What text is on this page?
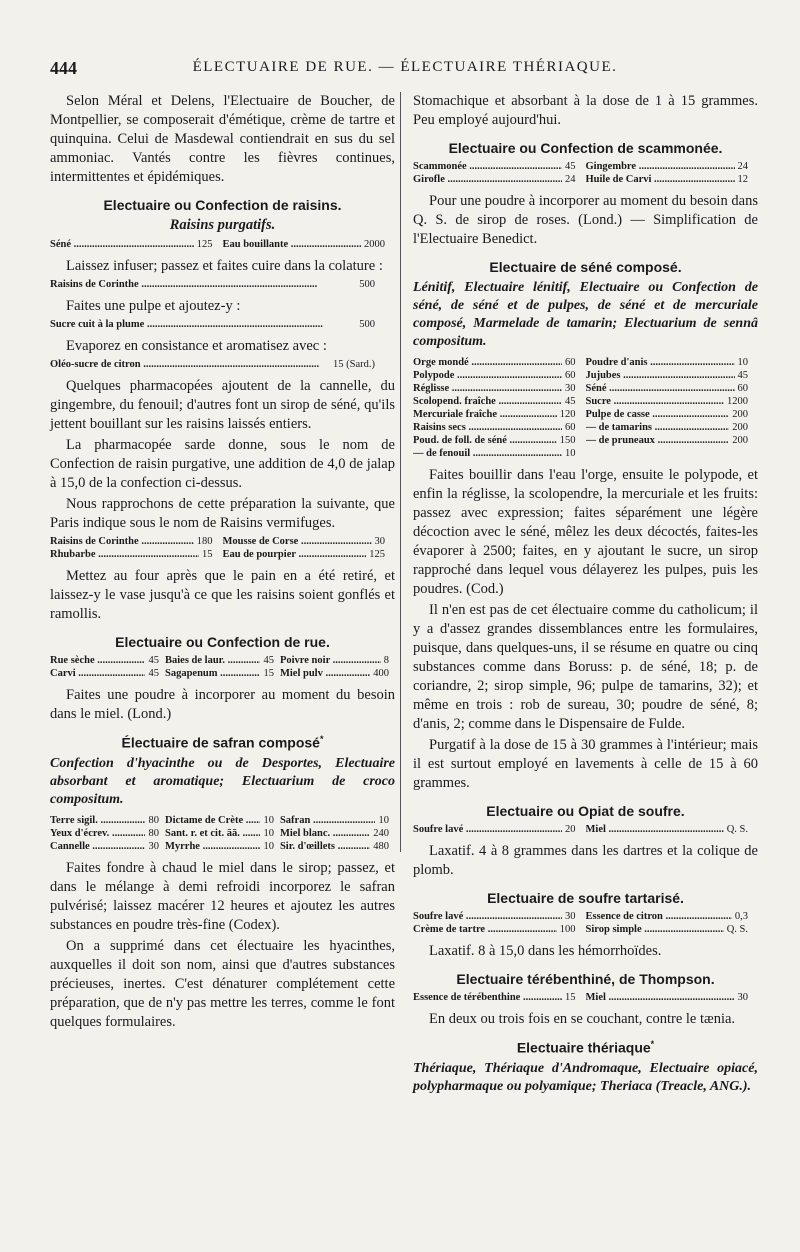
444	ÉLECTUAIRE DE RUE. — ÉLECTUAIRE THÉRIAQUE.

Selon Méral et Delens, l'Electuaire de Boucher, de Montpellier, se composerait d'émétique, crème de tartre et quinquina. Celui de Masdewal contiendrait en sus du sel ammoniac. Vantés contre les fièvres continues, intermittentes et épidémiques.

Electuaire ou Confection de raisins.
Raisins purgatifs.
Séné .....	125 Eau bouillante .....	2000

Laissez infuser; passez et faites cuire dans la colature :

Raisins de Corinthe .....	500

Faites une pulpe et ajoutez-y :

Sucre cuit à la plume .....	500

Evaporez en consistance et aromatisez avec :

Oléo-sucre de citron .....	15 (Sard.)

Quelques pharmacopées ajoutent de la cannelle, du gingembre, du fenouil; d'autres font un sirop de séné, qu'ils jettent bouillant sur les raisins laissés entiers.

La pharmacopée sarde donne, sous le nom de Confection de raisin purgative, une addition de 4,0 de jalap à 15,0 de la confection ci-dessus.

Nous rapprochons de cette préparation la suivante, que Paris indique sous le nom de Raisins vermifuges.

Raisins de Corinthe .....	180 Mousse de Corse .....	30
Rhubarbe .....	15 Eau de pourpier .....	125

Mettez au four après que le pain en a été retiré, et laissez-y le vase jusqu'à ce que les raisins soient gonflés et ramollis.

Electuaire ou Confection de rue.
Rue sèche .....	45 Baies de laur. .....	45 Poivre noir .....	8
Carvi .....	45 Sagapenum .....	15 Miel pulv .....	400

Faites une poudre à incorporer au moment du besoin dans le miel. (Lond.)

Électuaire de safran composé*
Confection d'hyacinthe ou de Desportes, Electuaire absorbant et aromatique; Electuarium de croco compositum.
Terre sigil. .....	80 Dictame de Crète .....	10 Safran .....	10
Yeux d'écrev. .....	80 Sant. r. et cit. āā. .....	10 Miel blanc. .....	240
Cannelle .....	30 Myrrhe .....	10 Sir. d'œillets .....	480

Faites fondre à chaud le miel dans le sirop; passez, et dans le mélange à demi refroidi incorporez le safran pulvérisé; laissez macérer 12 heures et ajoutez les autres substances en poudre très-fine (Codex).

On a supprimé dans cet électuaire les hyacinthes, auxquelles il doit son nom, ainsi que d'autres substances précieuses, inertes. C'est dénaturer complétement cette préparation, que de n'y pas mettre les terres, comme le font quelques formulaires.

Stomachique et absorbant à la dose de 1 à 15 grammes. Peu employé aujourd'hui.

Electuaire ou Confection de scammonée.
Scammonée .....	45 Gingembre .....	24
Girofle .....	24 Huile de Carvi .....	12

Pour une poudre à incorporer au moment du besoin dans Q. S. de sirop de roses. (Lond.) — Simplification de l'Electuaire Benedict.

Electuaire de séné composé.
Lénitif, Electuaire lénitif, Electuaire ou Confection de séné, de séné et de pulpes, de séné et de mercuriale composé, Marmelade de tamarin; Electuarium de sennâ compositum.
Orge mondé .....	60 Poudre d'anis .....	10
Polypode .....	60 Jujubes .....	45
Réglisse .....	30 Séné .....	60
Scolopend. fraîche .....	45 Sucre .....	1200
Mercuriale fraîche .....	120 Pulpe de casse .....	200
Raisins secs .....	60 — de tamarins .....	200
Poud. de foll. de séné .....	150 — de pruneaux .....	200
— de fenouil .....	10

Faites bouillir dans l'eau l'orge, ensuite le polypode, et enfin la réglisse, la scolopendre, la mercuriale et les fruits: passez avec expression; faites séparément une légère décoction avec le séné, mêlez les deux décoctés, faites-les évaporer à 2500; faites, en y ajoutant le sucre, un sirop rapproché dans lequel vous délayerez les pulpes, puis les poudres. (Cod.)

Il n'en est pas de cet électuaire comme du catholicum; il y a d'assez grandes dissemblances entre les formulaires, puisque, dans quelques-uns, il se résume en quatre ou cinq substances comme dans Boruss: p. de séné, 18; p. de coriandre, 2; sirop simple, 96; pulpe de tamarins, 32); et même en trois : rob de sureau, 30; poudre de séné, 8; d'anis, 2; comme dans le Dispensaire de Fulde.

Purgatif à la dose de 15 à 30 grammes à l'intérieur; mais il est surtout employé en lavements à celle de 15 à 60 grammes.

Electuaire ou Opiat de soufre.
Soufre lavé .....	20 Miel .....	Q. S.

Laxatif. 4 à 8 grammes dans les dartres et la colique de plomb.

Electuaire de soufre tartarisé.
Soufre lavé .....	30 Essence de citron .....	0,3
Crème de tartre .....	100 Sirop simple .....	Q. S.

Laxatif. 8 à 15,0 dans les hémorrhoïdes.

Electuaire térébenthiné, de Thompson.
Essence de térébenthine .....	15 Miel .....	30

En deux ou trois fois en se couchant, contre le tænia.

Electuaire thériaque*
Thériaque, Thériaque d'Andromaque, Electuaire opiacé, polypharmaque ou polyamique; Theriaca (Treacle, ANG.).
